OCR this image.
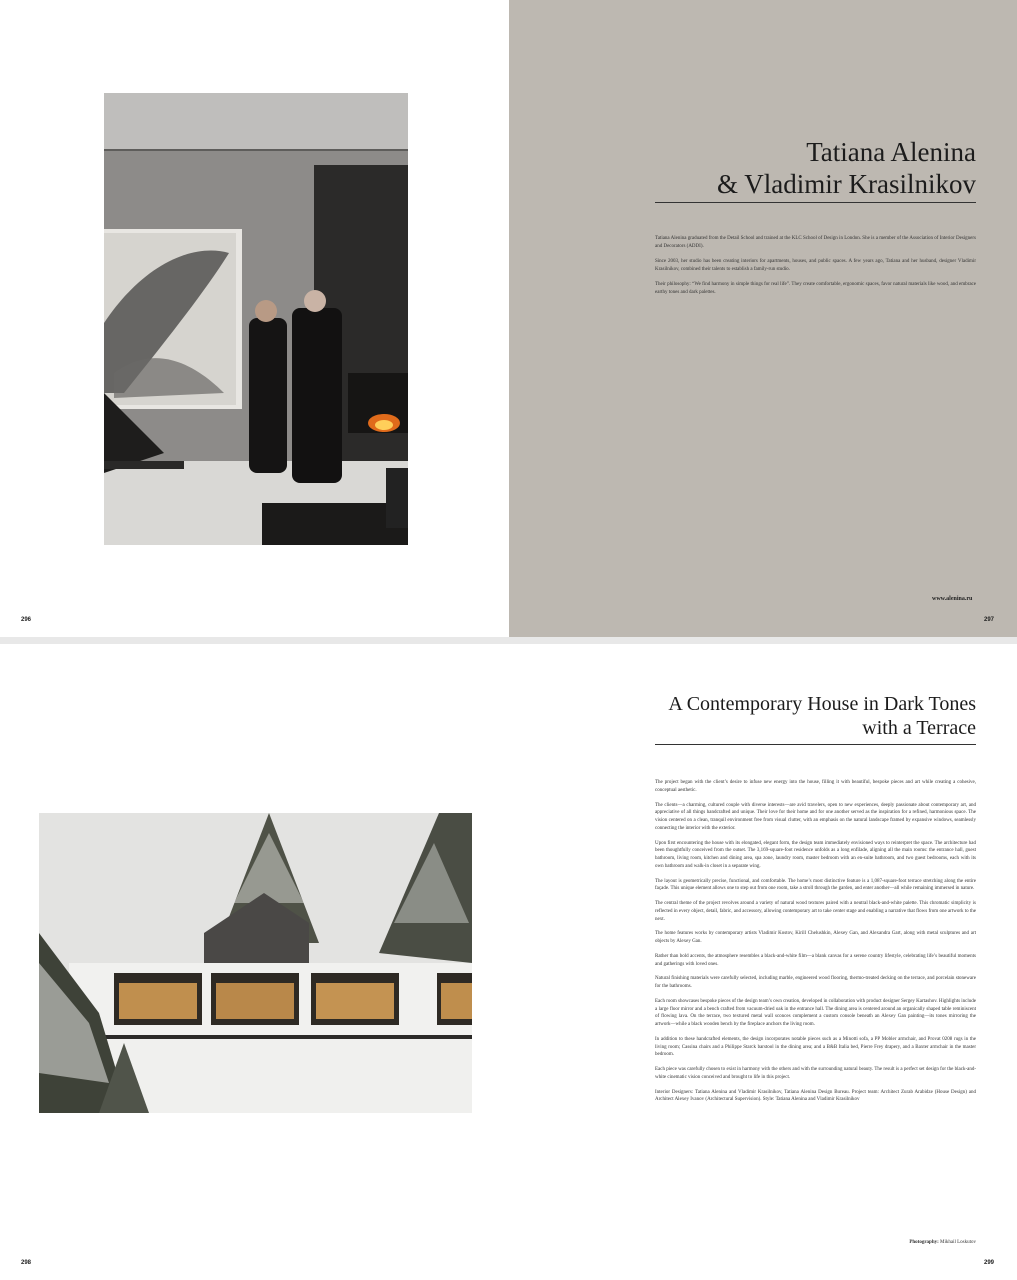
296
Tatiana Alenina
& Vladimir Krasilnikov

Tatiana Alenina graduated from the Detail School and trained at the KLC School of Design in London. She is a member of the Association of Interior Designers and Decorators (ADDI).

Since 2003, her studio has been creating interiors for apartments, houses, and public spaces. A few years ago, Tatiana and her husband, designer Vladimir Krasilnikov, combined their talents to establish a family-run studio.

Their philosophy: “We find harmony in simple things for real life”. They create comfortable, ergonomic spaces, favor natural materials like wood, and embrace earthy tones and dark palettes.

www.alenina.ru
297
298
A Contemporary House in Dark Tones
with a Terrace

The project began with the client’s desire to infuse new energy into the house, filling it with beautiful, bespoke pieces and art while creating a cohesive, conceptual aesthetic.

The clients—a charming, cultured couple with diverse interests—are avid travelers, open to new experiences, deeply passionate about contemporary art, and appreciative of all things handcrafted and unique. Their love for their home and for one another served as the inspiration for a refined, harmonious space. The vision centered on a clean, tranquil environment free from visual clutter, with an emphasis on the natural landscape framed by expansive windows, seamlessly connecting the interior with the exterior.

Upon first encountering the house with its elongated, elegant form, the design team immediately envisioned ways to reinterpret the space. The architecture had been thoughtfully conceived from the outset. The 3,169-square-foot residence unfolds as a long enfilade, aligning all the main rooms: the entrance hall, guest bathroom, living room, kitchen and dining area, spa zone, laundry room, master bedroom with an en-suite bathroom, and two guest bedrooms, each with its own bathroom and walk-in closet in a separate wing.

The layout is geometrically precise, functional, and comfortable. The home’s most distinctive feature is a 1,087-square-foot terrace stretching along the entire façade. This unique element allows one to step out from one room, take a stroll through the garden, and enter another—all while remaining immersed in nature.

The central theme of the project revolves around a variety of natural wood textures paired with a neutral black-and-white palette. This chromatic simplicity is reflected in every object, detail, fabric, and accessory, allowing contemporary art to take center stage and enabling a narrative that flows from one artwork to the next.

The home features works by contemporary artists Vladimir Kostov, Kirill Chelushkin, Alexey Gan, and Alexandra Gart, along with metal sculptures and art objects by Alexey Gan.

Rather than bold accents, the atmosphere resembles a black-and-white film—a blank canvas for a serene country lifestyle, celebrating life’s beautiful moments and gatherings with loved ones.

Natural finishing materials were carefully selected, including marble, engineered wood flooring, thermo-treated decking on the terrace, and porcelain stoneware for the bathrooms.

Each room showcases bespoke pieces of the design team’s own creation, developed in collaboration with product designer Sergey Kartashov. Highlights include a large floor mirror and a bench crafted from vacuum-dried oak in the entrance hall. The dining area is centered around an organically shaped table reminiscent of flowing lava. On the terrace, two textured metal wall sconces complement a custom console beneath an Alexey Gan painting—its tones mirroring the artwork—while a black wooden bench by the fireplace anchors the living room.

In addition to these handcrafted elements, the design incorporates notable pieces such as a Minotti sofa, a PP Mobler armchair, and Provat 0208 rugs in the living room; Cassina chairs and a Philippe Starck barstool in the dining area; and a B&B Italia bed, Pierre Frey drapery, and a Baxter armchair in the master bedroom.

Each piece was carefully chosen to exist in harmony with the others and with the surrounding natural beauty. The result is a perfect set design for the black-and-white cinematic vision conceived and brought to life in this project.

Interior Designers: Tatiana Alenina and Vladimir Krasilnikov, Tatiana Alenina Design Bureau. Project team: Architect Zurab Arabidze (House Design) and Architect Alexey Ivanov (Architectural Supervision). Style: Tatiana Alenina and Vladimir Krasilnikov

Photography: Mikhail Loskutov
299
